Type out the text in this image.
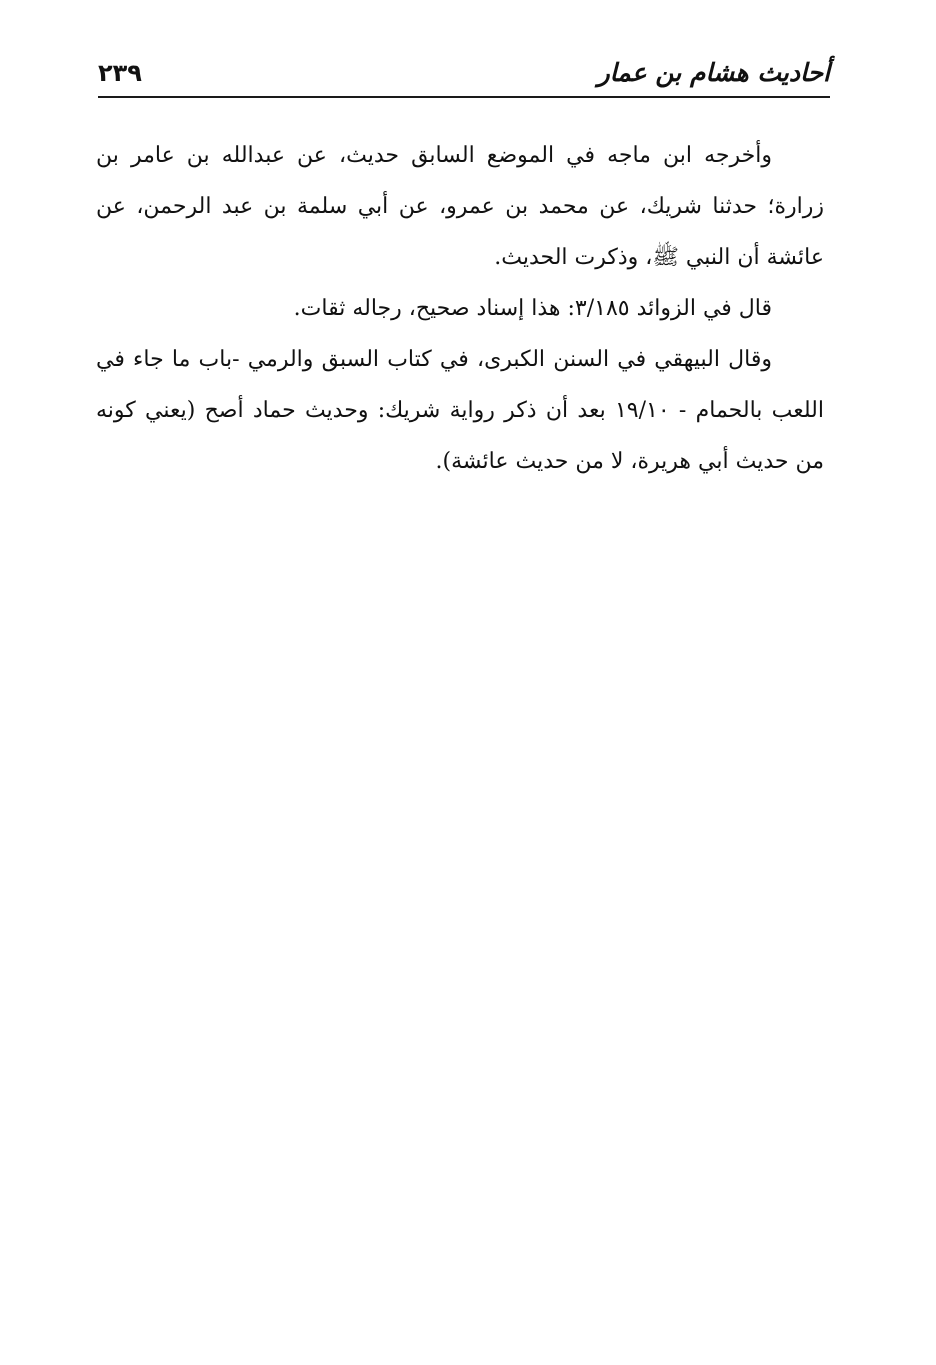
أحاديث هشام بن عمار
٢٣٩

وأخرجه ابن ماجه في الموضع السابق حديث، عن عبدالله بن عامر بن زرارة؛ حدثنا شريك، عن محمد بن عمرو، عن أبي سلمة بن عبد الرحمن، عن عائشة أن النبي ﷺ، وذكرت الحديث.

قال في الزوائد ٣/١٨٥: هذا إسناد صحيح، رجاله ثقات.

وقال البيهقي في السنن الكبرى، في كتاب السبق والرمي -باب ما جاء في اللعب بالحمام - ١٩/١٠ بعد أن ذكر رواية شريك: وحديث حماد أصح (يعني كونه من حديث أبي هريرة، لا من حديث عائشة).
